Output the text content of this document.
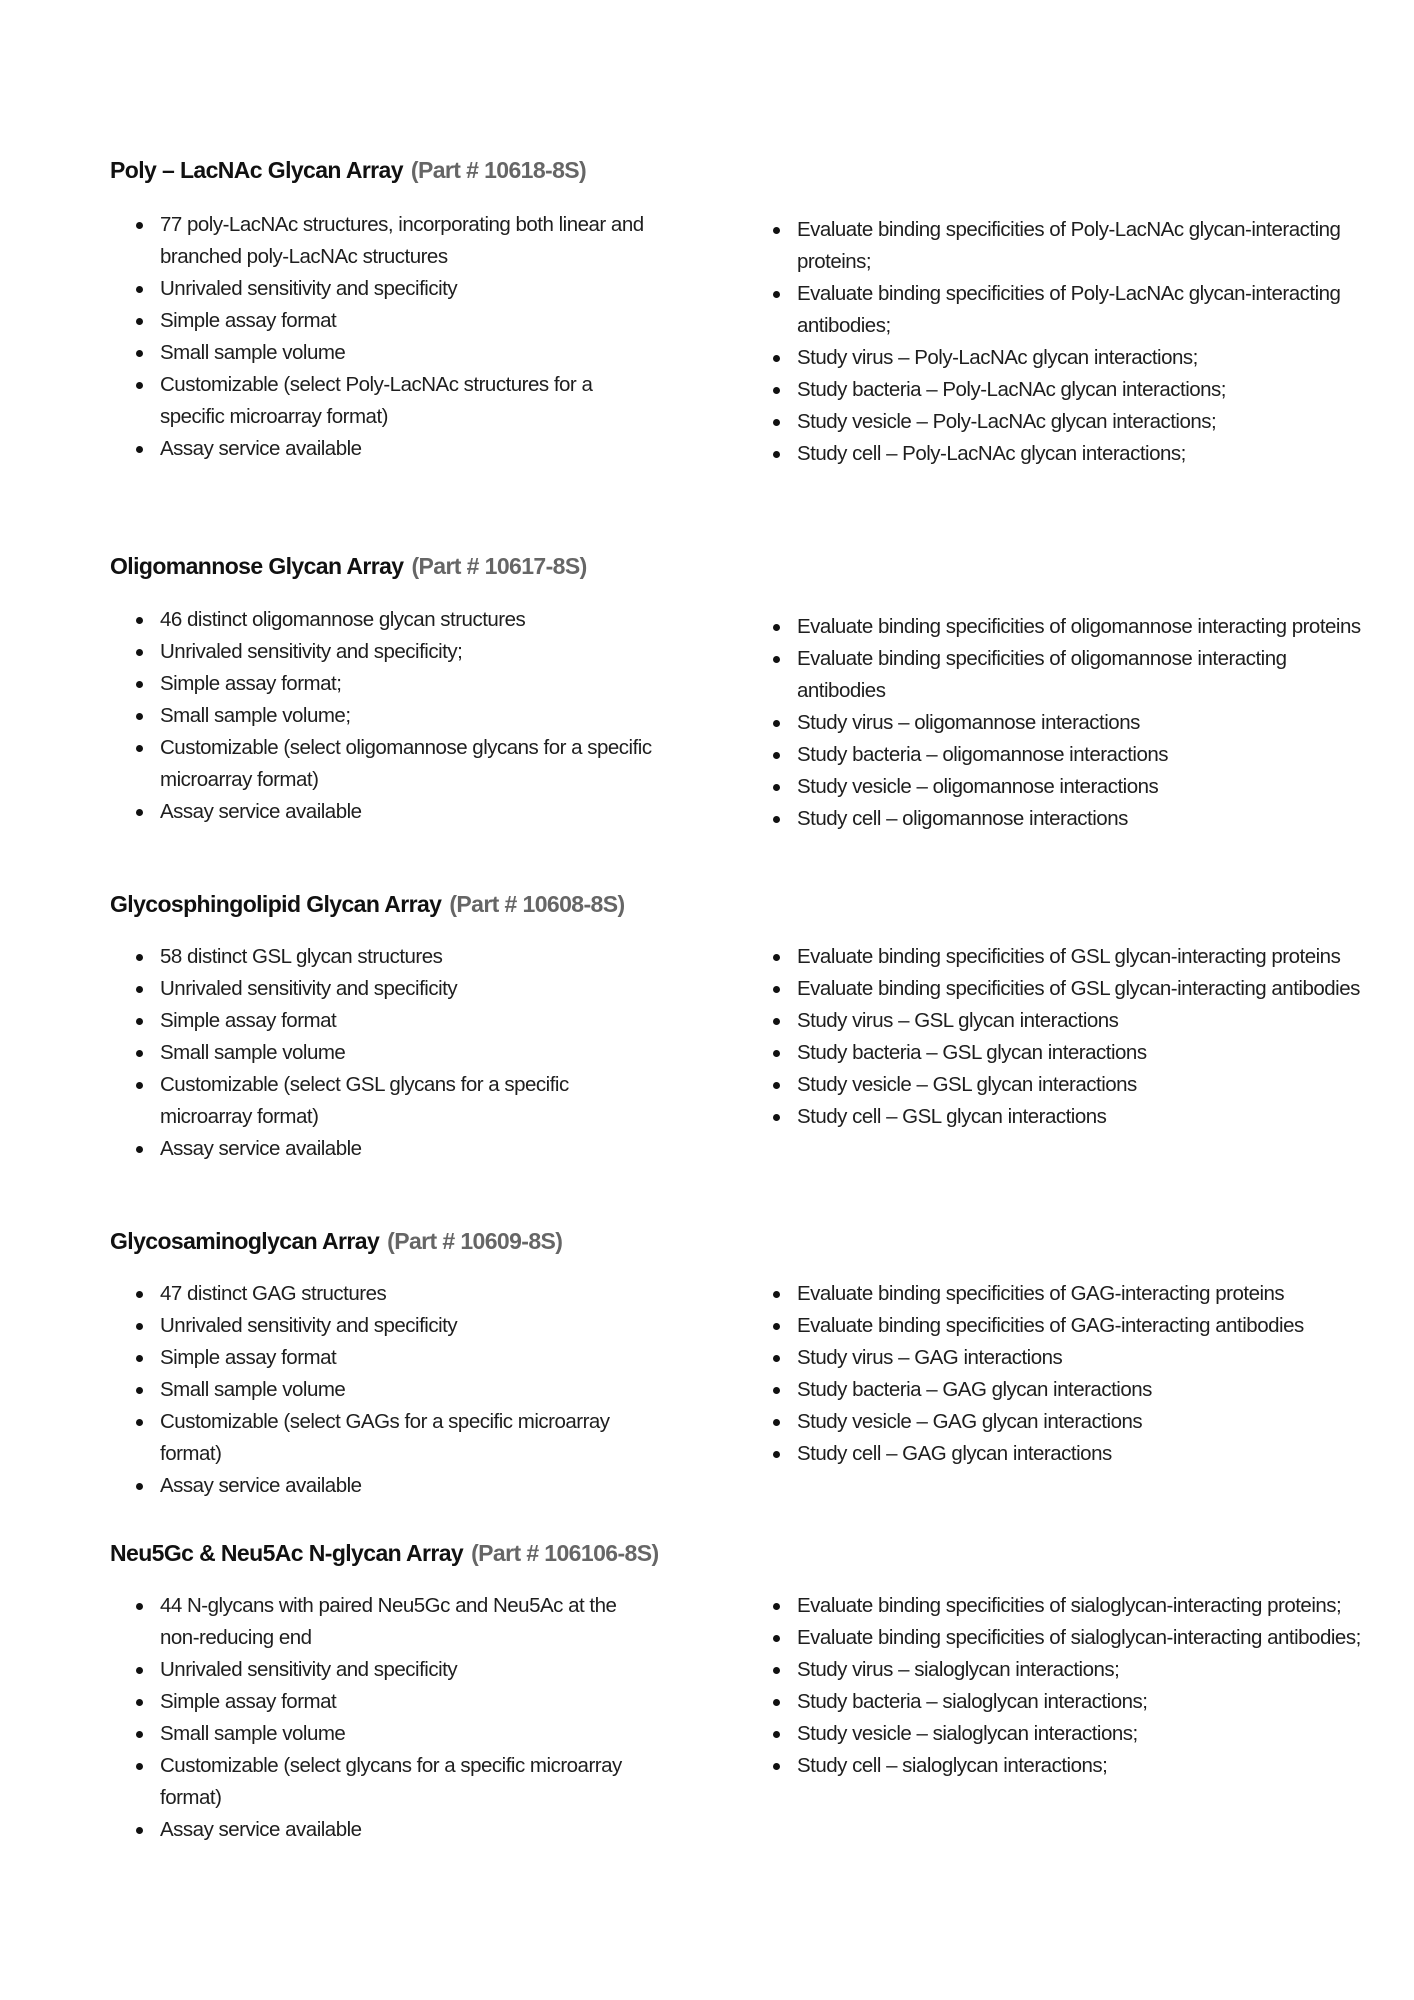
Poly – LacNAc Glycan Array (Part # 10618-8S)
77 poly-LacNAc structures, incorporating both linear and branched poly-LacNAc structures
Unrivaled sensitivity and specificity
Simple assay format
Small sample volume
Customizable (select Poly-LacNAc structures for a specific microarray format)
Assay service available
Evaluate binding specificities of Poly-LacNAc glycan-interacting proteins;
Evaluate binding specificities of Poly-LacNAc glycan-interacting antibodies;
Study virus – Poly-LacNAc glycan interactions;
Study bacteria – Poly-LacNAc glycan interactions;
Study vesicle – Poly-LacNAc glycan interactions;
Study cell – Poly-LacNAc glycan interactions;
Oligomannose Glycan Array (Part # 10617-8S)
46 distinct oligomannose glycan structures
Unrivaled sensitivity and specificity;
Simple assay format;
Small sample volume;
Customizable (select oligomannose glycans for a specific microarray format)
Assay service available
Evaluate binding specificities of oligomannose interacting proteins
Evaluate binding specificities of oligomannose interacting antibodies
Study virus – oligomannose interactions
Study bacteria – oligomannose interactions
Study vesicle – oligomannose interactions
Study cell – oligomannose interactions
Glycosphingolipid Glycan Array (Part # 10608-8S)
58 distinct GSL glycan structures
Unrivaled sensitivity and specificity
Simple assay format
Small sample volume
Customizable (select GSL glycans for a specific microarray format)
Assay service available
Evaluate binding specificities of GSL glycan-interacting proteins
Evaluate binding specificities of GSL glycan-interacting antibodies
Study virus – GSL glycan interactions
Study bacteria – GSL glycan interactions
Study vesicle – GSL glycan interactions
Study cell – GSL glycan interactions
Glycosaminoglycan Array (Part # 10609-8S)
47 distinct GAG structures
Unrivaled sensitivity and specificity
Simple assay format
Small sample volume
Customizable (select GAGs for a specific microarray format)
Assay service available
Evaluate binding specificities of GAG-interacting proteins
Evaluate binding specificities of GAG-interacting antibodies
Study virus – GAG interactions
Study bacteria – GAG glycan interactions
Study vesicle – GAG glycan interactions
Study cell – GAG glycan interactions
Neu5Gc & Neu5Ac N-glycan Array (Part # 106106-8S)
44 N-glycans with paired Neu5Gc and Neu5Ac at the non-reducing end
Unrivaled sensitivity and specificity
Simple assay format
Small sample volume
Customizable (select glycans for a specific microarray format)
Assay service available
Evaluate binding specificities of sialoglycan-interacting proteins;
Evaluate binding specificities of sialoglycan-interacting antibodies;
Study virus – sialoglycan interactions;
Study bacteria – sialoglycan interactions;
Study vesicle – sialoglycan interactions;
Study cell – sialoglycan interactions;
